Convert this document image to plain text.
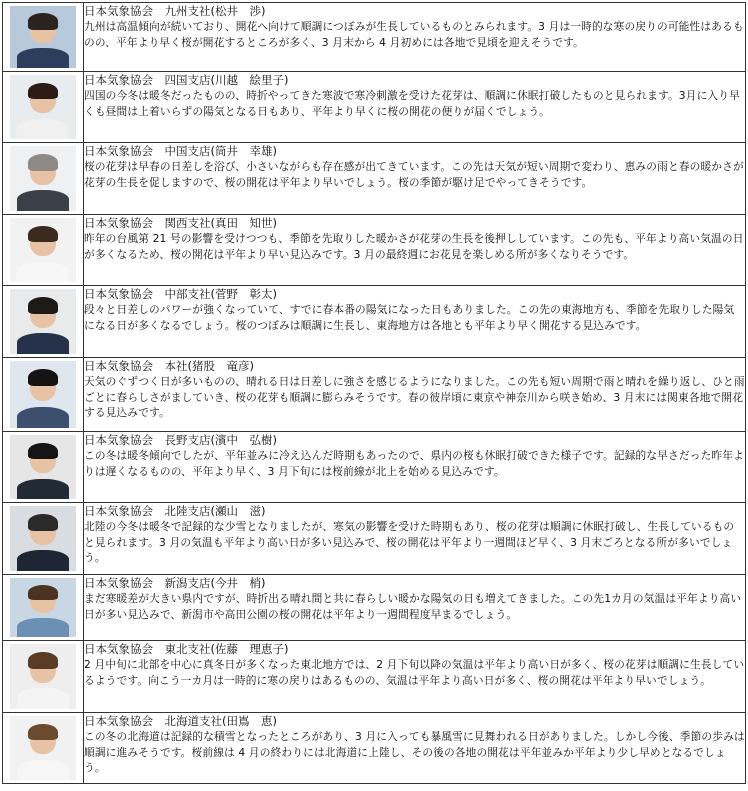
	日本気象協会　 九州支社(松井　渉)
九州は高温傾向が続いており、開花へ向けて順調につぼみが生長しているものとみられます。3 月は一時的な寒の戻りの可能性はあるものの、平年より早く桜が開花するところが多く、3 月末から 4 月初めには各地で見頃を迎えそうです。

	日本気象協会　 四国支店(川越　絵里子)
四国の今冬は暖冬だったものの、時折やってきた寒波で寒冷刺激を受けた花芽は、順調に休眠打破したものと見られます。3月に入り早くも昼間は上着いらずの陽気となる日もあり、平年より早くに桜の開花の便りが届くでしょう。

	日本気象協会　 中国支店(筒井　幸雄)
桜の花芽は早春の日差しを浴び、小さいながらも存在感が出てきています。この先は天気が短い周期で変わり、恵みの雨と春の暖かさが花芽の生長を促しますので、桜の開花は平年より早いでしょう。桜の季節が駆け足でやってきそうです。

	日本気象協会　 関西支社(真田　知世)
昨年の台風第 21 号の影響を受けつつも、季節を先取りした暖かさが花芽の生長を後押ししています。この先も、平年より高い気温の日が多くなるため、桜の開花は平年より早い見込みです。3 月の最終週にお花見を楽しめる所が多くなりそうです。

	日本気象協会　 中部支社(菅野　彰太)
段々と日差しのパワーが強くなっていて、すでに春本番の陽気になった日もありました。この先の東海地方も、季節を先取りした陽気になる日が多くなるでしょう。桜のつぼみは順調に生長し、東海地方は各地とも平年より早く開花する見込みです。

	日本気象協会　 本社(猪股　竜彦)
天気のぐずつく日が多いものの、晴れる日は日差しに強さを感じるようになりました。この先も短い周期で雨と晴れを繰り返し、ひと雨ごとに春らしさがましていき、桜の花芽も順調に膨らみそうです。春の彼岸頃に東京や神奈川から咲き始め、3 月末には関東各地で開花する見込みです。

	日本気象協会　 長野支店(濱中　弘樹)
この冬は暖冬傾向でしたが、平年並みに冷え込んだ時期もあったので、県内の桜も休眠打破できた様子です。記録的な早さだった昨年よりは遅くなるものの、平年より早く、3 月下旬には桜前線が北上を始める見込みです。

	日本気象協会　 北陸支店(瀬山　滋)
北陸の今冬は暖冬で記録的な少雪となりましたが、寒気の影響を受けた時期もあり、桜の花芽は順調に休眠打破し、生長しているものと見られます。3 月の気温も平年より高い日が多い見込みで、桜の開花は平年より一週間ほど早く、3 月末ごろとなる所が多いでしょう。

	日本気象協会　 新潟支店(今井　梢)
まだ寒暖差が大きい県内ですが、時折出る晴れ間と共に春らしい暖かな陽気の日も増えてきました。この先1カ月の気温は平年より高い日が多い見込みで、新潟市や高田公園の桜の開花は平年より一週間程度早まるでしょう。

	日本気象協会　 東北支社(佐藤　理恵子)
2 月中旬に北部を中心に真冬日が多くなった東北地方では、2 月下旬以降の気温は平年より高い日が多く、桜の花芽は順調に生長しているようです。向こう一カ月は一時的に寒の戻りはあるものの、気温は平年より高い日が多く、桜の開花は平年より早いでしょう。

	日本気象協会　 北海道支社(田嶌　恵)
この冬の北海道は記録的な積雪となったところがあり、3 月に入っても暴風雪に見舞われる日がありました。しかし今後、季節の歩みは順調に進みそうです。桜前線は 4 月の終わりには北海道に上陸し、その後の各地の開花は平年並みか平年より少し早めとなるでしょう。
